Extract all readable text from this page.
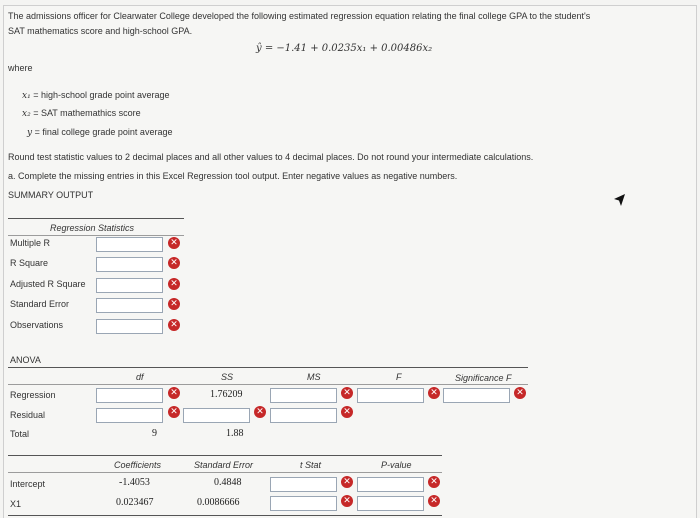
The admissions officer for Clearwater College developed the following estimated regression equation relating the final college GPA to the student's
SAT mathematics score and high-school GPA.
ŷ = −1.41 + 0.0235x₁ + 0.00486x₂
where
x₁ = high-school grade point average
x₂ = SAT mathemathics score
y = final college grade point average
Round test statistic values to 2 decimal places and all other values to 4 decimal places. Do not round your intermediate calculations.
a. Complete the missing entries in this Excel Regression tool output. Enter negative values as negative numbers.
SUMMARY OUTPUT
Regression Statistics
Multiple R	✕
R Square	✕
Adjusted R Square	✕
Standard Error	✕
Observations	✕
ANOVA
df	SS	MS	F	Significance F
Regression	✕	1.76209	✕	✕	✕
Residual	✕	✕	✕
Total	9	1.88
Coefficients	Standard Error	t Stat	P-value
Intercept	-1.4053	0.4848	✕	✕
X1	0.023467	0.0086666	✕	✕
